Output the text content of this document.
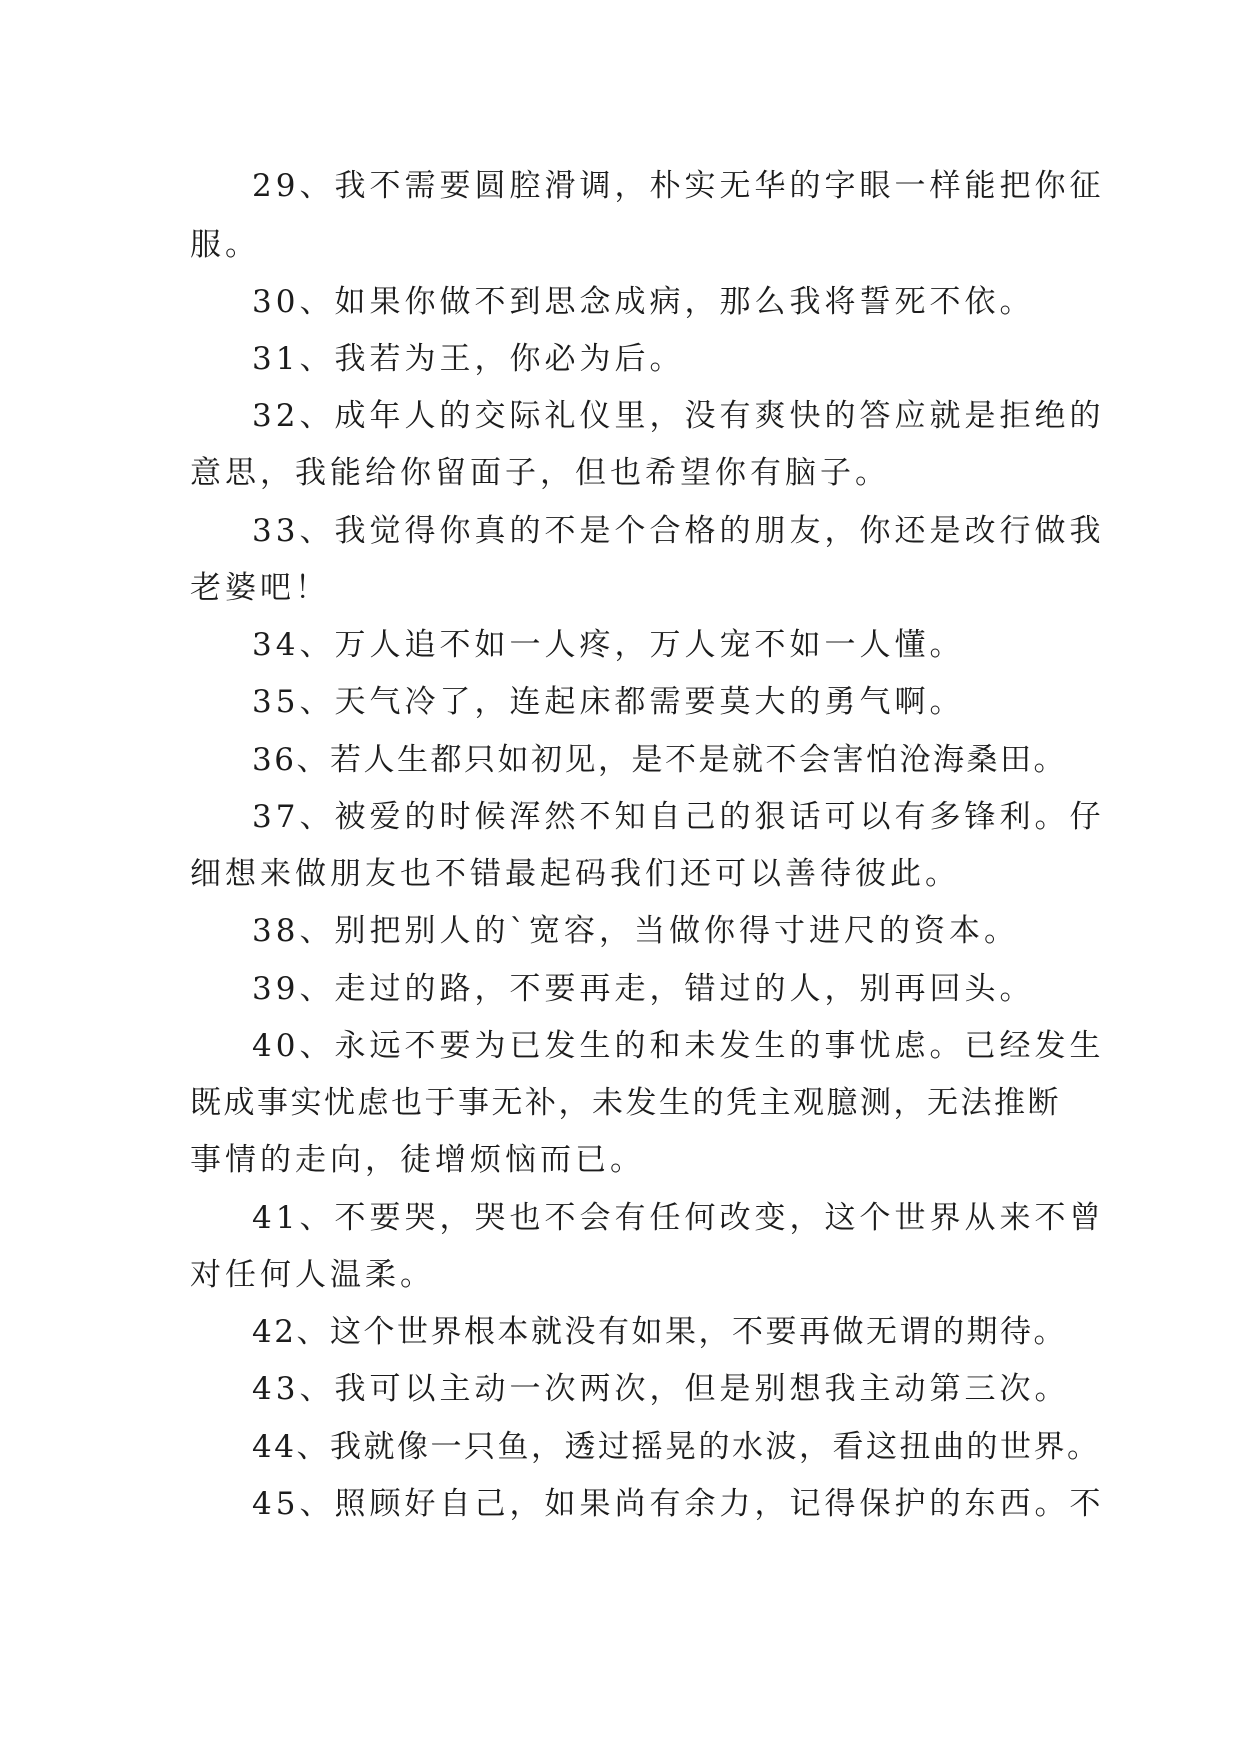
29、我不需要圆腔滑调，朴实无华的字眼一样能把你征

服。

30、如果你做不到思念成病，那么我将誓死不依。

31、我若为王，你必为后。

32、成年人的交际礼仪里，没有爽快的答应就是拒绝的

意思，我能给你留面子，但也希望你有脑子。

33、我觉得你真的不是个合格的朋友，你还是改行做我

老婆吧！

34、万人追不如一人疼，万人宠不如一人懂。

35、天气冷了，连起床都需要莫大的勇气啊。

36、若人生都只如初见，是不是就不会害怕沧海桑田。

37、被爱的时候浑然不知自己的狠话可以有多锋利。仔

细想来做朋友也不错最起码我们还可以善待彼此。

38、别把别人的`宽容，当做你得寸进尺的资本。

39、走过的路，不要再走，错过的人，别再回头。

40、永远不要为已发生的和未发生的事忧虑。已经发生

既成事实忧虑也于事无补，未发生的凭主观臆测，无法推断

事情的走向，徒增烦恼而已。

41、不要哭，哭也不会有任何改变，这个世界从来不曾

对任何人温柔。

42、这个世界根本就没有如果，不要再做无谓的期待。

43、我可以主动一次两次，但是别想我主动第三次。

44、我就像一只鱼，透过摇晃的水波，看这扭曲的世界。

45、照顾好自己，如果尚有余力，记得保护的东西。不
